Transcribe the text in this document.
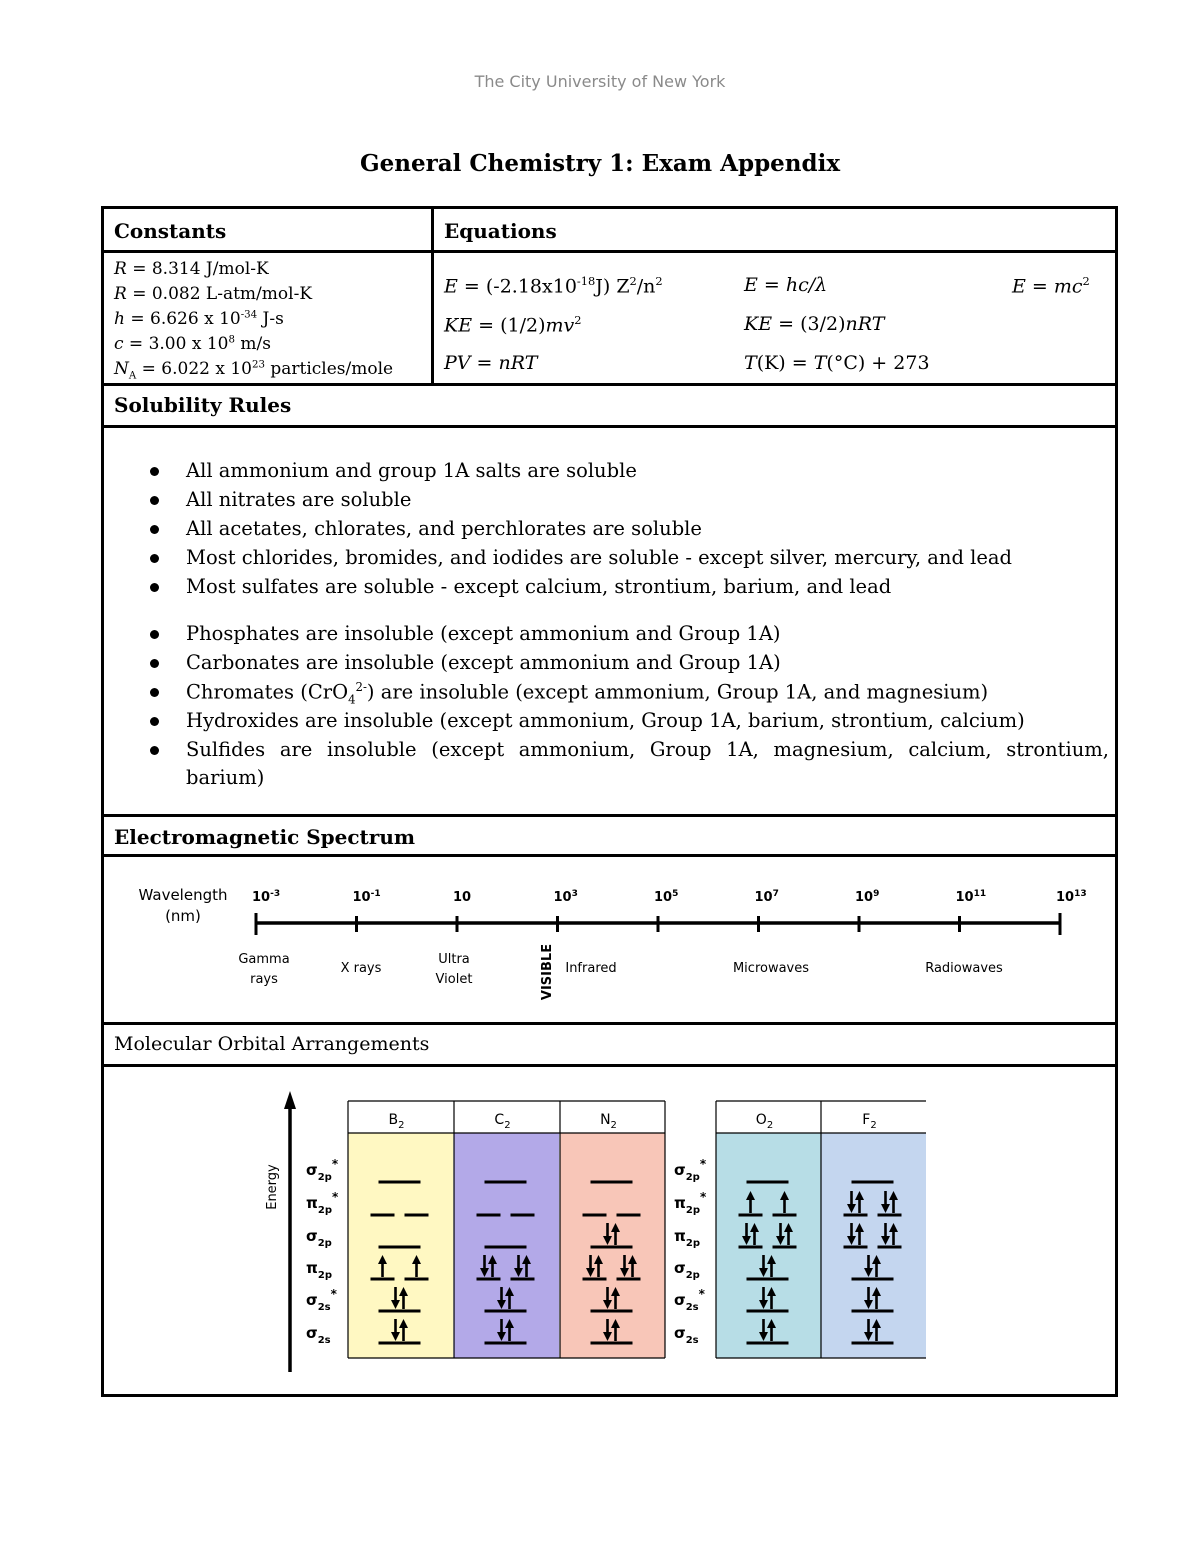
The City University of New York
General Chemistry 1: Exam Appendix
Constants
R = 8.314 J/mol-K
R = 0.082 L-atm/mol-K
h = 6.626 x $10^{-34}$ J-s
c = 3.00 x $10^8$ m/s
$N_A = 6.022$ x $10^{23}$ particles/mole
Equations
$E = (-2.18x10^{-18}J)$ $Z^2/n^2$	E = hc/λ	$E = mc^2$
KE = $(1/2)mv^2$	KE = (3/2)nRT
PV = nRT	T(K) = T(°C) + 273
Solubility Rules
All ammonium and group 1A salts are soluble
All nitrates are soluble
All acetates, chlorates, and perchlorates are soluble
Most chlorides, bromides, and iodides are soluble - except silver, mercury, and lead
Most sulfates are soluble - except calcium, strontium, barium, and lead
Phosphates are insoluble (except ammonium and Group 1A)
Carbonates are insoluble (except ammonium and Group 1A)
Chromates (CrO$_4^{2-}$) are insoluble (except ammonium, Group 1A, and magnesium)
Hydroxides are insoluble (except ammonium, Group 1A, barium, strontium, calcium)
Sulfides are insoluble (except ammonium, Group 1A, magnesium, calcium, strontium,
barium)
Electromagnetic Spectrum
Wavelength
(nm)
$10^{-3}$	$10^{-1}$	10	$10^3$	$10^5$	$10^7$	$10^9$	$10^{11}$	$10^{13}$
Gamma
rays
X rays
Ultra
Violet	VISIBLE Infrared	Microwaves	Radiowaves
Molecular Orbital Arrangements
Energy
$B_2$	$C_2$	$N_2$	$O_2$	$F_2$
$\sigma_{2p}^*$
$\pi_{2p}^*$
$\sigma_{2p}$
$\pi_{2p}$
$\sigma_{2s}^*$
$\sigma_{2s}$
$\sigma_{2p}^*$
$\pi_{2p}^*$
$\pi_{2p}$
$\sigma_{2p}$
$\sigma_{2s}^*$
$\sigma_{2s}$
